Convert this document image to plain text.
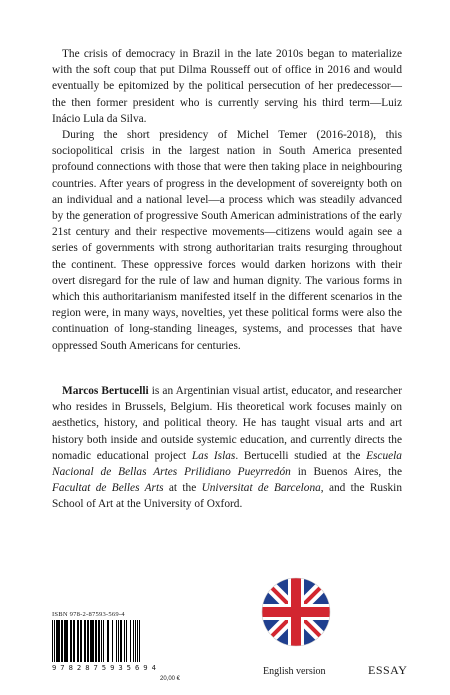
The crisis of democracy in Brazil in the late 2010s began to materialize with the soft coup that put Dilma Rousseff out of office in 2016 and would eventually be epitomized by the political persecution of her predecessor—the then former president who is currently serving his third term—Luiz Inácio Lula da Silva.

During the short presidency of Michel Temer (2016-2018), this sociopolitical crisis in the largest nation in South America presented profound connections with those that were then taking place in neighbouring countries. After years of progress in the development of sovereignty both on an individual and a national level—a process which was steadily advanced by the generation of progressive South American administrations of the early 21st century and their respective movements—citizens would again see a series of governments with strong authoritarian traits resurging throughout the continent. These oppressive forces would darken horizons with their overt disregard for the rule of law and human dignity. The various forms in which this authoritarianism manifested itself in the different scenarios in the region were, in many ways, novelties, yet these political forms were also the continuation of long-standing lineages, systems, and processes that have oppressed South Americans for centuries.

Marcos Bertucelli is an Argentinian visual artist, educator, and researcher who resides in Brussels, Belgium. His theoretical work focuses mainly on aesthetics, history, and political theory. He has taught visual arts and art history both inside and outside systemic education, and currently directs the nomadic educational project Las Islas. Bertucelli studied at the Escuela Nacional de Bellas Artes Prilidiano Pueyrredón in Buenos Aires, the Facultat de Belles Arts at the Universitat de Barcelona, and the Ruskin School of Art at the University of Oxford.

ISBN 978-2-87593-569-4
9 7 8 2 8 7 5 9 3 5 6 9 4
20,00 €
English version	ESSAY
